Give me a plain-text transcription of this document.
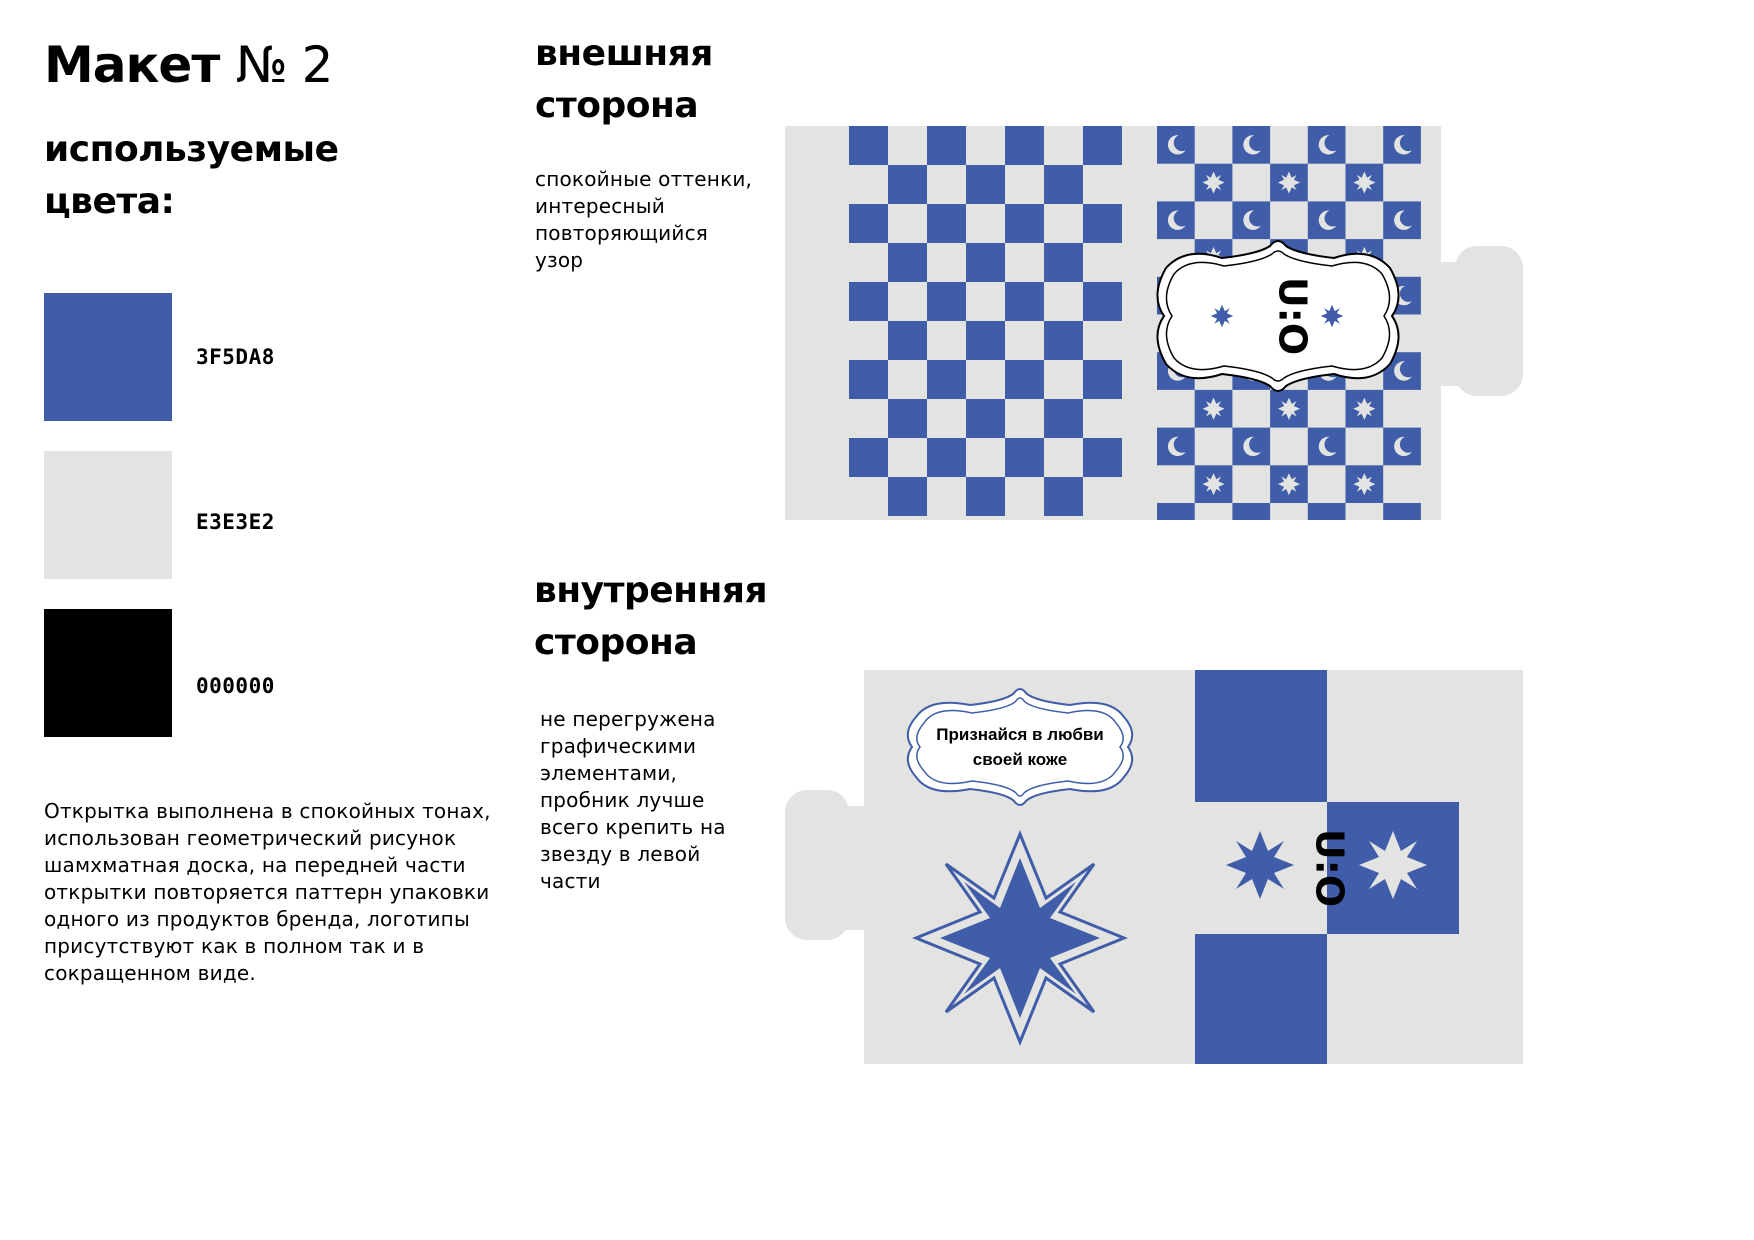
Макет № 2
используемые
цвета:
3F5DA8
E3E3E2
000000
Открытка выполнена в спокойных тонах,
использован геометрический рисунок
шамхматная доска, на передней части
открытки повторяется паттерн упаковки
одного из продуктов бренда, логотипы
присутствуют как в полном так и в
сокращенном виде.
внешняя
сторона
спокойные оттенки,
интересный
повторяющийся
узор
U:O
внутренняя
сторона
не перегружена
графическими
элементами,
пробник лучше
всего крепить на
звезду в левой
части
Признайся в любви
своей коже
U:O
